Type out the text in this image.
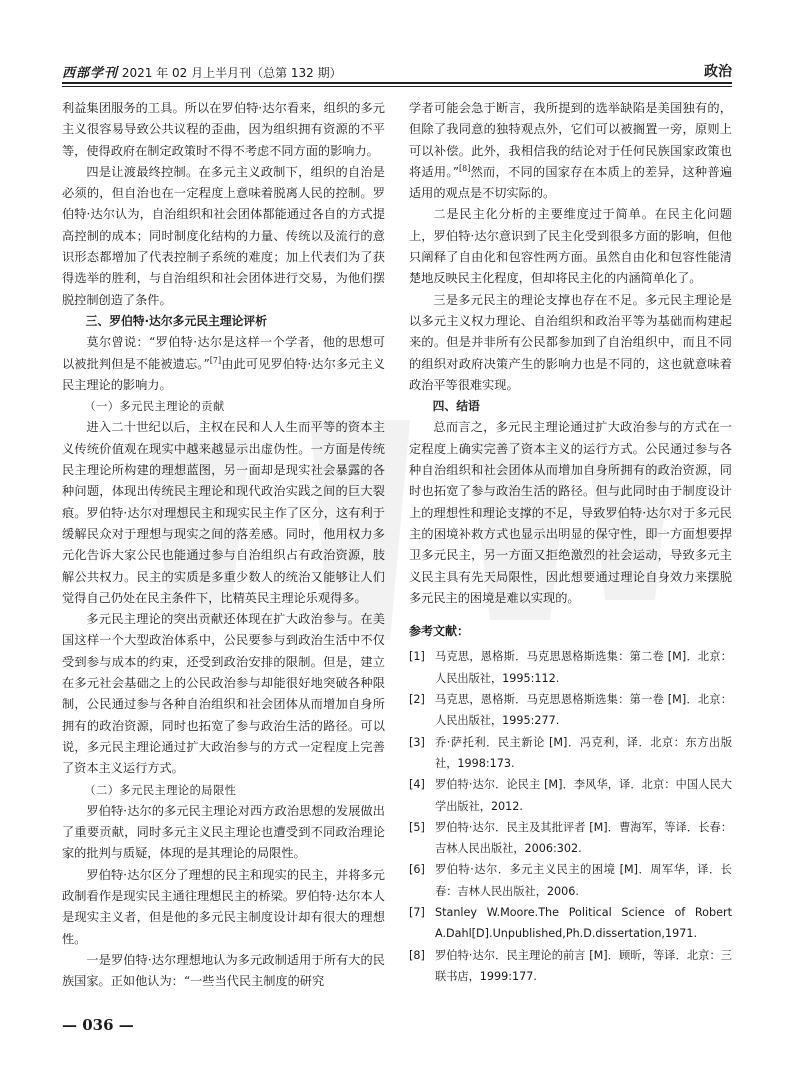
西部学刊 2021 年 02 月上半月刊（总第 132 期）	政治
利益集团服务的工具。所以在罗伯特·达尔看来，组织的多元主义很容易导致公共议程的歪曲，因为组织拥有资源的不平等，使得政府在制定政策时不得不考虑不同方面的影响力。
四是让渡最终控制。在多元主义政制下，组织的自治是必须的，但自治也在一定程度上意味着脱离人民的控制。罗伯特·达尔认为，自治组织和社会团体都能通过各自的方式提高控制的成本；同时制度化结构的力量、传统以及流行的意识形态都增加了代表控制子系统的难度；加上代表们为了获得选举的胜利，与自治组织和社会团体进行交易，为他们摆脱控制创造了条件。
三、罗伯特·达尔多元民主理论评析
莫尔曾说：“罗伯特·达尔是这样一个学者，他的思想可以被批判但是不能被遗忘。”[7]由此可见罗伯特·达尔多元主义民主理论的影响力。
（一）多元民主理论的贡献
进入二十世纪以后，主权在民和人人生而平等的资本主义传统价值观在现实中越来越显示出虚伪性。一方面是传统民主理论所构建的理想蓝图，另一面却是现实社会暴露的各种问题，体现出传统民主理论和现代政治实践之间的巨大裂痕。罗伯特·达尔对理想民主和现实民主作了区分，这有利于缓解民众对于理想与现实之间的落差感。同时，他用权力多元化告诉大家公民也能通过参与自治组织占有政治资源，肢解公共权力。民主的实质是多重少数人的统治又能够让人们觉得自己仍处在民主条件下，比精英民主理论乐观得多。
多元民主理论的突出贡献还体现在扩大政治参与。在美国这样一个大型政治体系中，公民要参与到政治生活中不仅受到参与成本的约束，还受到政治安排的限制。但是，建立在多元社会基础之上的公民政治参与却能很好地突破各种限制，公民通过参与各种自治组织和社会团体从而增加自身所拥有的政治资源，同时也拓宽了参与政治生活的路径。可以说，多元民主理论通过扩大政治参与的方式一定程度上完善了资本主义运行方式。
（二）多元民主理论的局限性
罗伯特·达尔的多元民主理论对西方政治思想的发展做出了重要贡献，同时多元主义民主理论也遭受到不同政治理论家的批判与质疑，体现的是其理论的局限性。
罗伯特·达尔区分了理想的民主和现实的民主，并将多元政制看作是现实民主通往理想民主的桥梁。罗伯特·达尔本人是现实主义者，但是他的多元民主制度设计却有很大的理想性。
一是罗伯特·达尔理想地认为多元政制适用于所有大的民族国家。正如他认为：“一些当代民主制度的研究
学者可能会急于断言，我所提到的选举缺陷是美国独有的，但除了我同意的独特观点外，它们可以被搁置一旁，原则上可以补偿。此外，我相信我的结论对于任何民族国家政策也将适用。”[8]然而，不同的国家存在本质上的差异，这种普遍适用的观点是不切实际的。
二是民主化分析的主要维度过于简单。在民主化问题上，罗伯特·达尔意识到了民主化受到很多方面的影响，但他只阐释了自由化和包容性两方面。虽然自由化和包容性能清楚地反映民主化程度，但却将民主化的内涵简单化了。
三是多元民主的理论支撑也存在不足。多元民主理论是以多元主义权力理论、自治组织和政治平等为基础而构建起来的。但是并非所有公民都参加到了自治组织中，而且不同的组织对政府决策产生的影响力也是不同的，这也就意味着政治平等很难实现。
四、结语
总而言之，多元民主理论通过扩大政治参与的方式在一定程度上确实完善了资本主义的运行方式。公民通过参与各种自治组织和社会团体从而增加自身所拥有的政治资源，同时也拓宽了参与政治生活的路径。但与此同时由于制度设计上的理想性和理论支撑的不足，导致罗伯特·达尔对于多元民主的困境补救方式也显示出明显的保守性，即一方面想要捍卫多元民主，另一方面又拒绝激烈的社会运动，导致多元主义民主具有先天局限性，因此想要通过理论自身效力来摆脱多元民主的困境是难以实现的。
参考文献：
[1] 马克思，恩格斯．马克思恩格斯选集：第二卷 [M]．北京：人民出版社，1995:112.
[2] 马克思，恩格斯．马克思恩格斯选集：第一卷 [M]．北京：人民出版社，1995:277.
[3] 乔·萨托利．民主新论 [M]．冯克利，译．北京：东方出版社，1998:173.
[4] 罗伯特·达尔．论民主 [M]．李风华，译．北京：中国人民大学出版社，2012.
[5] 罗伯特·达尔．民主及其批评者 [M]．曹海军，等译．长春：吉林人民出版社，2006:302.
[6] 罗伯特·达尔．多元主义民主的困境 [M]．周军华，译．长春：吉林人民出版社，2006.
[7] Stanley W.Moore.The Political Science of Robert A.Dahl[D].Unpublished,Ph.D.dissertation,1971.
[8] 罗伯特·达尔．民主理论的前言 [M]．顾昕，等译．北京：三联书店，1999:177.
— 036 —
